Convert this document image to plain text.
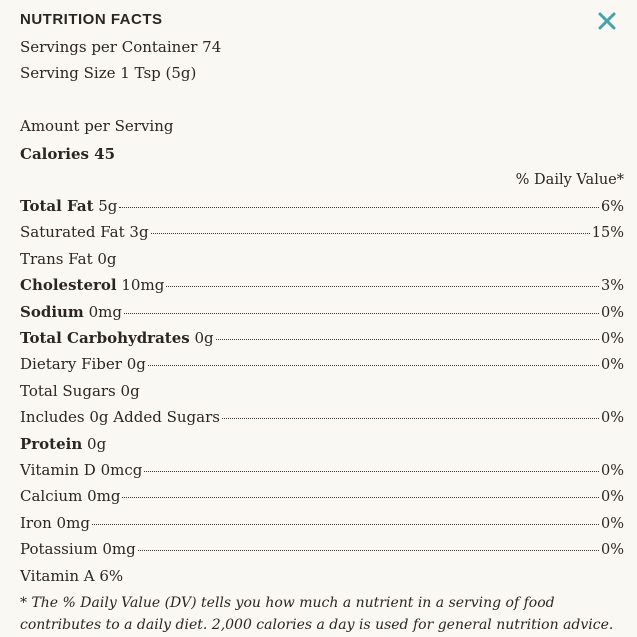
NUTRITION FACTS
Servings per Container 74
Serving Size 1 Tsp (5g)
Amount per Serving
Calories 45
% Daily Value*
Total Fat 5g	6%
Saturated Fat 3g	15%
Trans Fat 0g
Cholesterol 10mg	3%
Sodium 0mg	0%
Total Carbohydrates 0g	0%
Dietary Fiber 0g	0%
Total Sugars 0g
Includes 0g Added Sugars	0%
Protein 0g
Vitamin D 0mcg	0%
Calcium 0mg	0%
Iron 0mg	0%
Potassium 0mg	0%
Vitamin A 6%
* The % Daily Value (DV) tells you how much a nutrient in a serving of food contributes to a daily diet. 2,000 calories a day is used for general nutrition advice.
